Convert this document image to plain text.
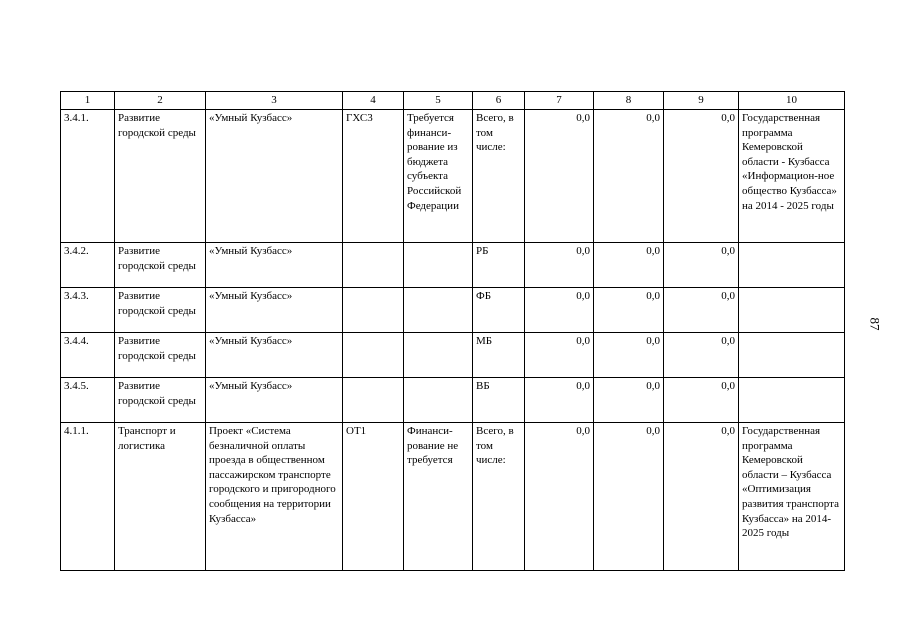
1	2	3	4	5	6	7	8	9	10
3.4.1.	Развитие городской среды	«Умный Кузбасс»	ГХС3	Требуется финанси-рование из бюджета субъекта Российской Федерации	Всего, в том числе:	0,0	0,0	0,0	Государственная программа Кемеровской области - Кузбасса «Информацион-ное общество Кузбасса» на 2014 - 2025 годы
3.4.2.	Развитие городской среды	«Умный Кузбасс»			РБ	0,0	0,0	0,0	
3.4.3.	Развитие городской среды	«Умный Кузбасс»			ФБ	0,0	0,0	0,0	
3.4.4.	Развитие городской среды	«Умный Кузбасс»			МБ	0,0	0,0	0,0	
3.4.5.	Развитие городской среды	«Умный Кузбасс»			ВБ	0,0	0,0	0,0	
4.1.1.	Транспорт и логистика	Проект «Система безналичной оплаты проезда в общественном пассажирском транспорте городского и пригородного сообщения на территории Кузбасса»	ОТ1	Финанси-рование не требуется	Всего, в том числе:	0,0	0,0	0,0	Государственная программа Кемеровской области – Кузбасса «Оптимизация развития транспорта Кузбасса» на 2014-2025 годы
87
